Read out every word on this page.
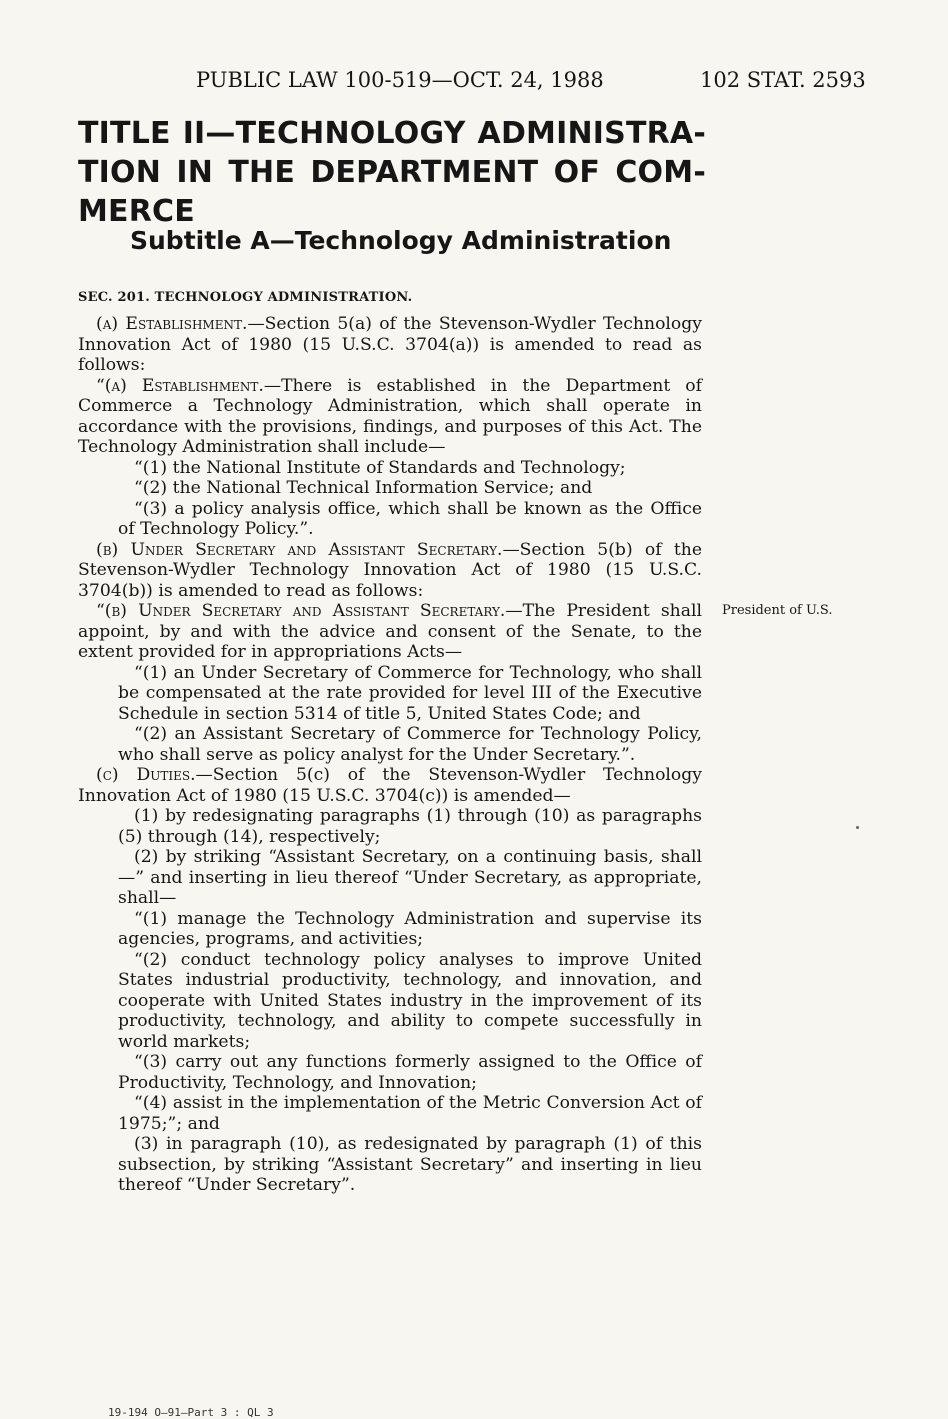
PUBLIC LAW 100-519—OCT. 24, 1988	102 STAT. 2593
TITLE II—TECHNOLOGY ADMINISTRA-
TION IN THE DEPARTMENT OF COM-
MERCE
Subtitle A—Technology Administration
SEC. 201. TECHNOLOGY ADMINISTRATION.
President of U.S.

(a) Establishment.—Section 5(a) of the Stevenson-Wydler Technology Innovation Act of 1980 (15 U.S.C. 3704(a)) is amended to read as follows:

“(a) Establishment.—There is established in the Department of Commerce a Technology Administration, which shall operate in accordance with the provisions, findings, and purposes of this Act. The Technology Administration shall include—

“(1) the National Institute of Standards and Technology;

“(2) the National Technical Information Service; and

“(3) a policy analysis office, which shall be known as the Office of Technology Policy.”.

(b) Under Secretary and Assistant Secretary.—Section 5(b) of the Stevenson-Wydler Technology Innovation Act of 1980 (15 U.S.C. 3704(b)) is amended to read as follows:

“(b) Under Secretary and Assistant Secretary.—The President shall appoint, by and with the advice and consent of the Senate, to the extent provided for in appropriations Acts—

“(1) an Under Secretary of Commerce for Technology, who shall be compensated at the rate provided for level III of the Executive Schedule in section 5314 of title 5, United States Code; and

“(2) an Assistant Secretary of Commerce for Technology Policy, who shall serve as policy analyst for the Under Secretary.”.

(c) Duties.—Section 5(c) of the Stevenson-Wydler Technology Innovation Act of 1980 (15 U.S.C. 3704(c)) is amended—

(1) by redesignating paragraphs (1) through (10) as paragraphs (5) through (14), respectively;

(2) by striking “Assistant Secretary, on a continuing basis, shall—” and inserting in lieu thereof “Under Secretary, as appropriate, shall—

“(1) manage the Technology Administration and supervise its agencies, programs, and activities;

“(2) conduct technology policy analyses to improve United States industrial productivity, technology, and innovation, and cooperate with United States industry in the improvement of its productivity, technology, and ability to compete successfully in world markets;

“(3) carry out any functions formerly assigned to the Office of Productivity, Technology, and Innovation;

“(4) assist in the implementation of the Metric Conversion Act of 1975;”; and

(3) in paragraph (10), as redesignated by paragraph (1) of this subsection, by striking “Assistant Secretary” and inserting in lieu thereof “Under Secretary”.

19-194 O—91—Part 3 : QL 3
